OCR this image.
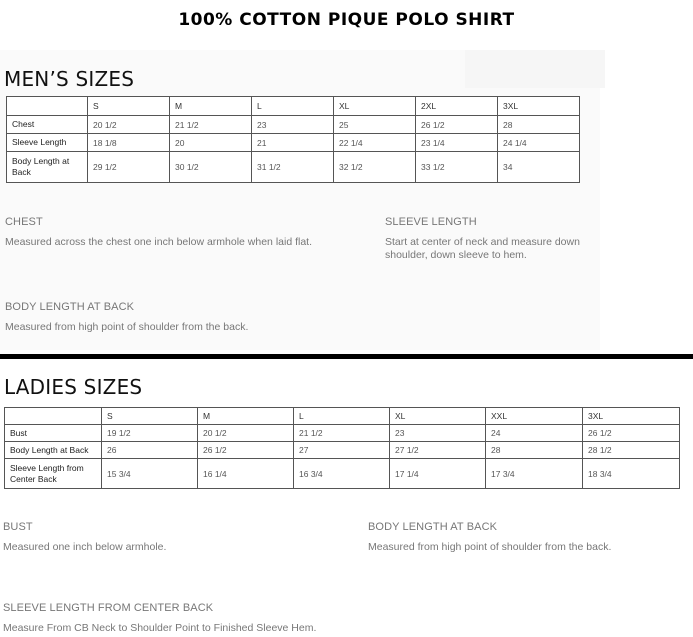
100% COTTON PIQUE POLO SHIRT
MEN’S SIZES
	S	M	L	XL	2XL	3XL
Chest	20 1/2	21 1/2	23	25	26 1/2	28
Sleeve Length	18 1/8	20	21	22 1/4	23 1/4	24 1/4
Body Length at Back	29 1/2	30 1/2	31 1/2	32 1/2	33 1/2	34
CHEST
Measured across the chest one inch below armhole when laid flat.
SLEEVE LENGTH
Start at center of neck and measure down shoulder, down sleeve to hem.
BODY LENGTH AT BACK
Measured from high point of shoulder from the back.
LADIES SIZES
	S	M	L	XL	XXL	3XL
Bust	19 1/2	20 1/2	21 1/2	23	24	26 1/2
Body Length at Back	26	26 1/2	27	27 1/2	28	28 1/2
Sleeve Length from Center Back	15 3/4	16 1/4	16 3/4	17 1/4	17 3/4	18 3/4
BUST
Measured one inch below armhole.
BODY LENGTH AT BACK
Measured from high point of shoulder from the back.
SLEEVE LENGTH FROM CENTER BACK
Measure From CB Neck to Shoulder Point to Finished Sleeve Hem.
